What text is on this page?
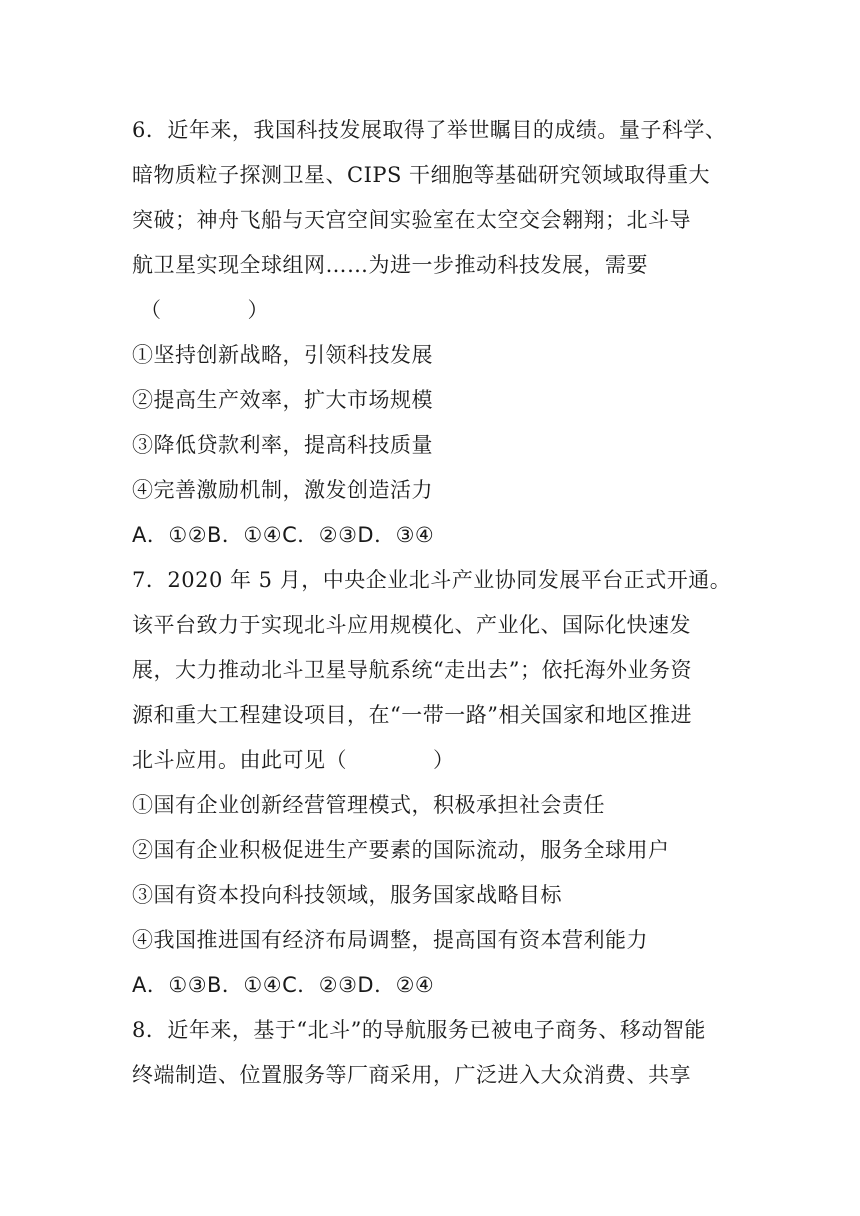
6．近年来，我国科技发展取得了举世瞩目的成绩。量子科学、
暗物质粒子探测卫星、CIPS 干细胞等基础研究领域取得重大
突破；神舟飞船与天宫空间实验室在太空交会翱翔；北斗导
航卫星实现全球组网……为进一步推动科技发展，需要
（　　　　）
①坚持创新战略，引领科技发展
②提高生产效率，扩大市场规模
③降低贷款利率，提高科技质量
④完善激励机制，激发创造活力
A．①②B．①④C．②③D．③④
7．2020 年 5 月，中央企业北斗产业协同发展平台正式开通。
该平台致力于实现北斗应用规模化、产业化、国际化快速发
展，大力推动北斗卫星导航系统“走出去”；依托海外业务资
源和重大工程建设项目，在“一带一路”相关国家和地区推进
北斗应用。由此可见（　　　　）
①国有企业创新经营管理模式，积极承担社会责任
②国有企业积极促进生产要素的国际流动，服务全球用户
③国有资本投向科技领域，服务国家战略目标
④我国推进国有经济布局调整，提高国有资本营利能力
A．①③B．①④C．②③D．②④
8．近年来，基于“北斗”的导航服务已被电子商务、移动智能
终端制造、位置服务等厂商采用，广泛进入大众消费、共享
